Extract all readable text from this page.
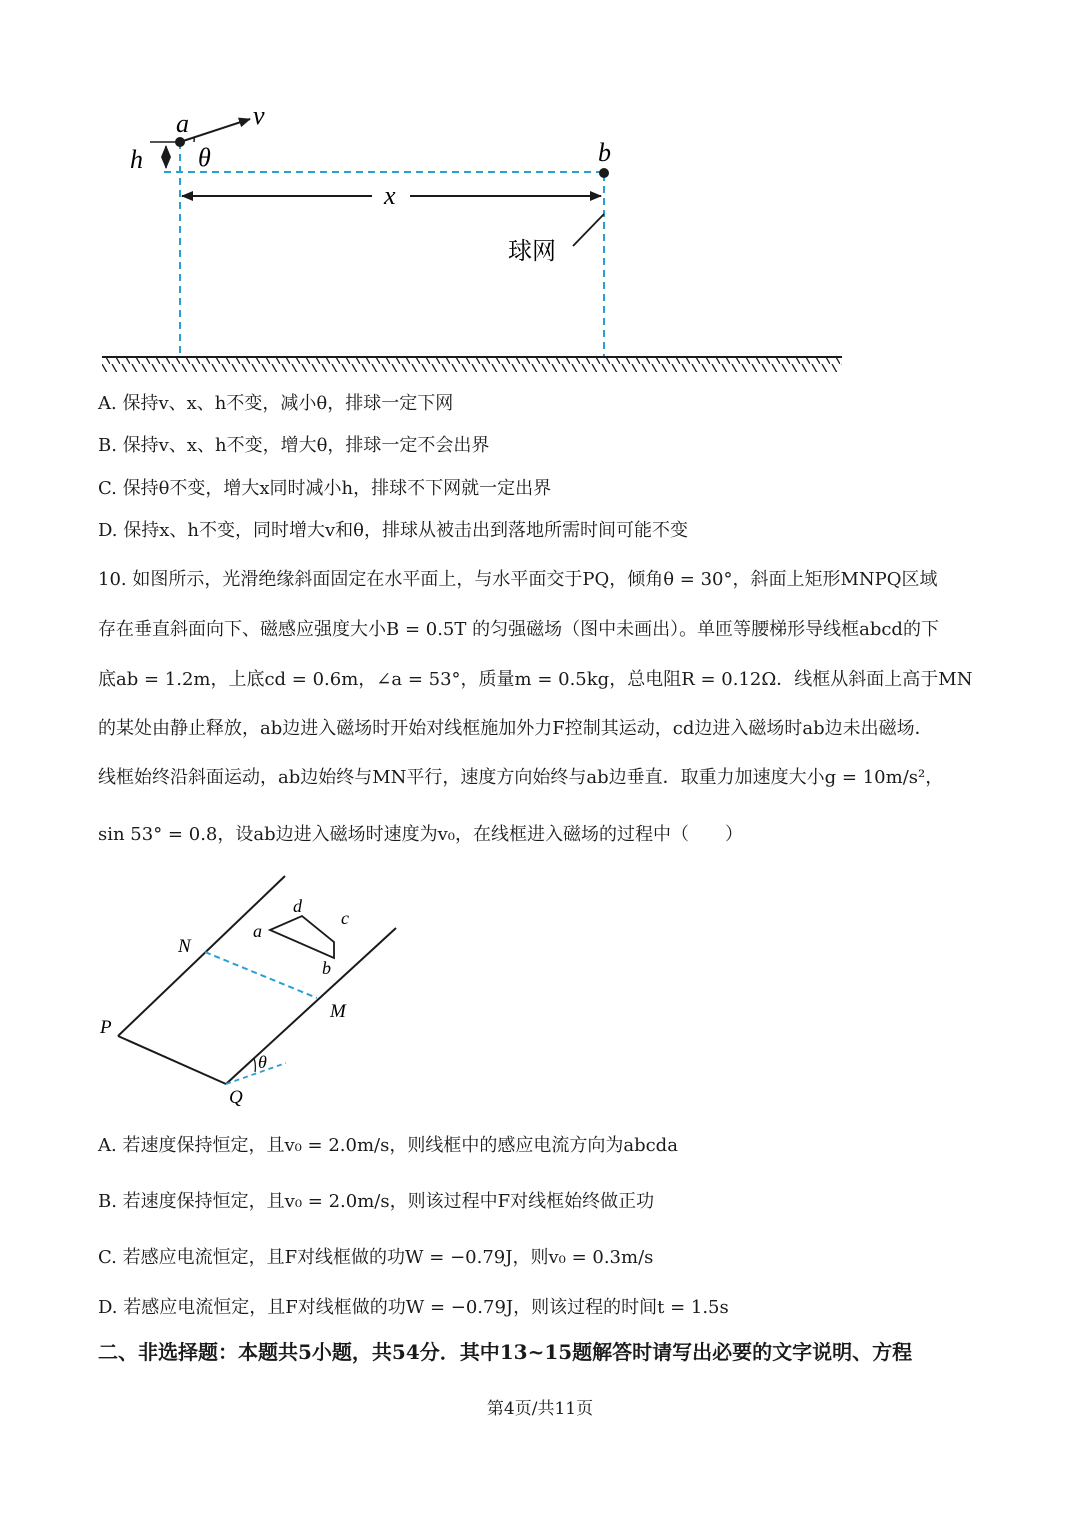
a v
h θ	b
x
球网
A. 保持v、x、h不变，减小θ，排球一定下网
B. 保持v、x、h不变，增大θ，排球一定不会出界
C. 保持θ不变，增大x同时减小h，排球不下网就一定出界
D. 保持x、h不变，同时增大v和θ，排球从被击出到落地所需时间可能不变
10. 如图所示，光滑绝缘斜面固定在水平面上，与水平面交于PQ，倾角θ = 30°，斜面上矩形MNPQ区域
存在垂直斜面向下、磁感应强度大小B = 0.5T 的匀强磁场（图中未画出）。单匝等腰梯形导线框abcd的下
底ab = 1.2m，上底cd = 0.6m，∠a = 53°，质量m = 0.5kg，总电阻R = 0.12Ω．线框从斜面上高于MN
的某处由静止释放，ab边进入磁场时开始对线框施加外力F控制其运动，cd边进入磁场时ab边未出磁场．
线框始终沿斜面运动，ab边始终与MN平行，速度方向始终与ab边垂直．取重力加速度大小g = 10m/s²，
sin 53° = 0.8，设ab边进入磁场时速度为v₀，在线框进入磁场的过程中（　　）
N
M
P
Q
θ
a
b
c
d
A. 若速度保持恒定，且v₀ = 2.0m/s，则线框中的感应电流方向为abcda
B. 若速度保持恒定，且v₀ = 2.0m/s，则该过程中F对线框始终做正功
C. 若感应电流恒定，且F对线框做的功W = −0.79J，则v₀ = 0.3m/s
D. 若感应电流恒定，且F对线框做的功W = −0.79J，则该过程的时间t = 1.5s
二、非选择题：本题共5小题，共54分．其中13~15题解答时请写出必要的文字说明、方程
第4页/共11页
